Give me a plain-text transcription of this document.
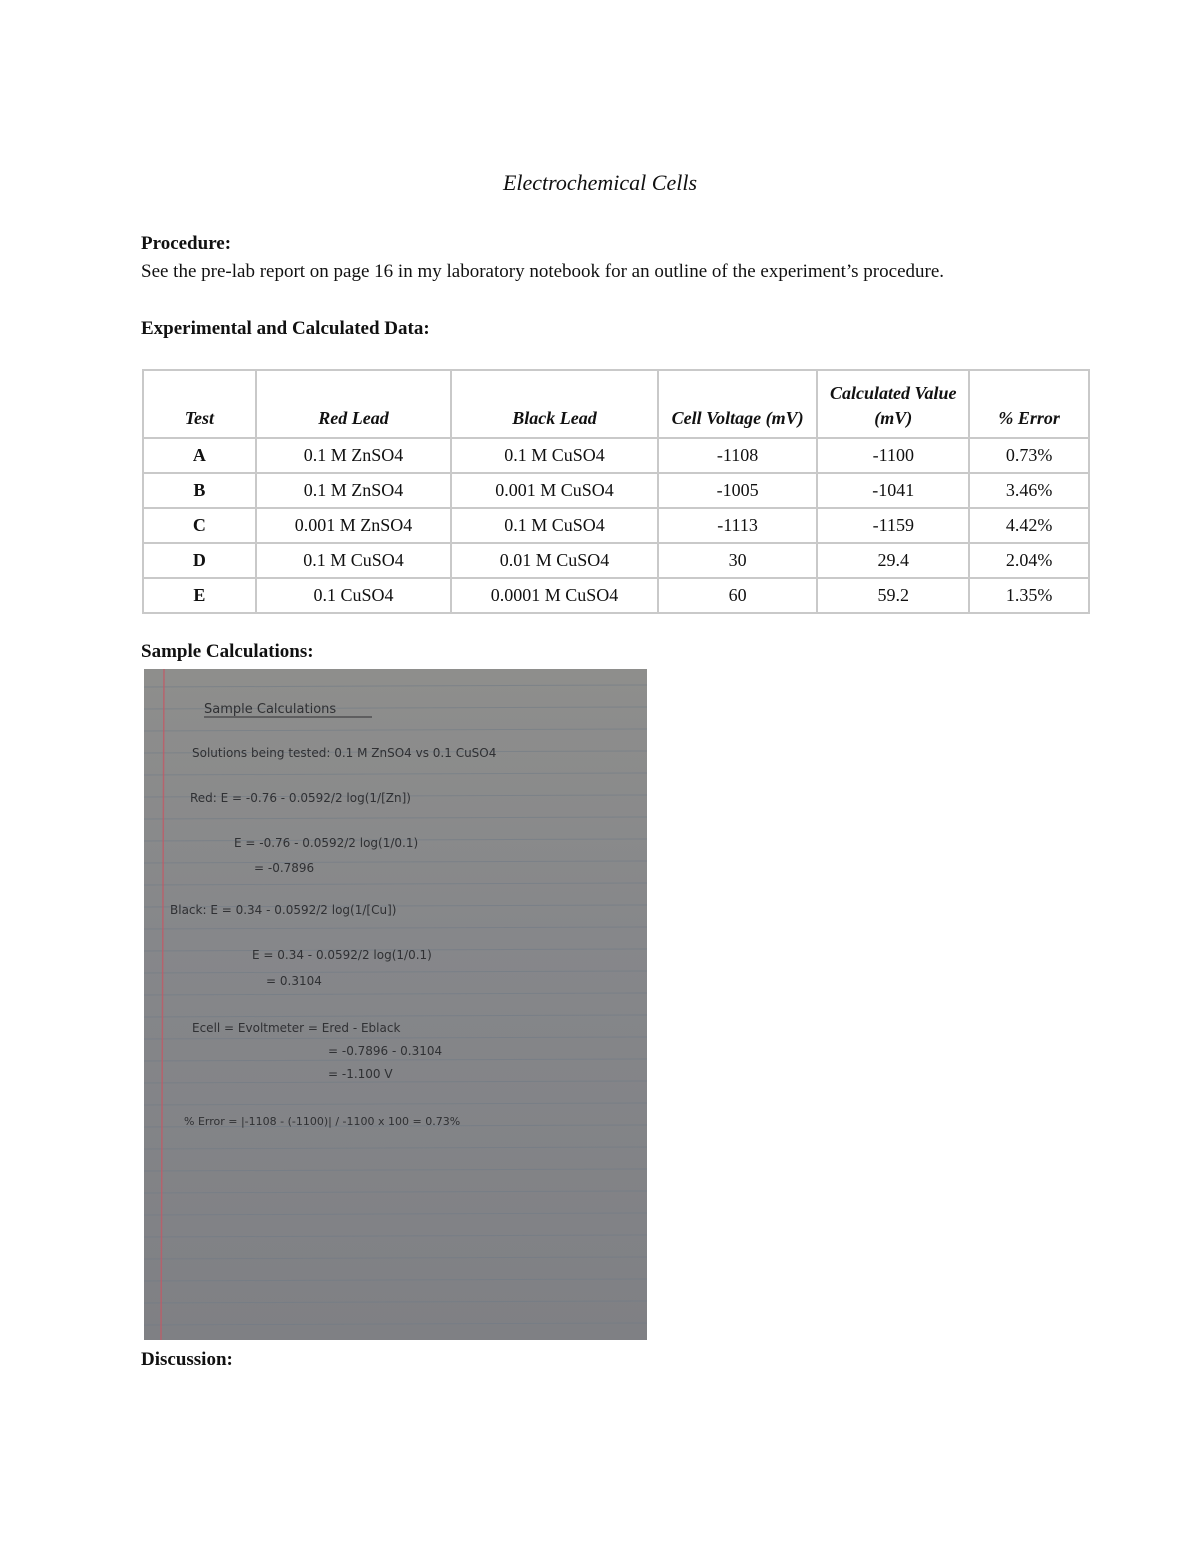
Electrochemical Cells
Procedure:
See the pre-lab report on page 16 in my laboratory notebook for an outline of the experiment’s procedure.
Experimental and Calculated Data:
Test	Red Lead	Black Lead	Cell Voltage (mV)	Calculated Value (mV)	% Error
A	0.1 M ZnSO4	0.1 M CuSO4	-1108	-1100	0.73%
B	0.1 M ZnSO4	0.001 M CuSO4	-1005	-1041	3.46%
C	0.001 M ZnSO4	0.1 M CuSO4	-1113	-1159	4.42%
D	0.1 M CuSO4	0.01 M CuSO4	30	29.4	2.04%
E	0.1 CuSO4	0.0001 M CuSO4	60	59.2	1.35%
Sample Calculations:
Sample Calculations
Solutions being tested: 0.1 M ZnSO4 vs 0.1 CuSO4
Red: E = -0.76 - 0.0592/2 log(1/[Zn])
E = -0.76 - 0.0592/2 log(1/0.1)
= -0.7896
Black: E = 0.34 - 0.0592/2 log(1/[Cu])
E = 0.34 - 0.0592/2 log(1/0.1)
= 0.3104
Ecell = Evoltmeter = Ered - Eblack
= -0.7896 - 0.3104
= -1.100 V
% Error = |-1108 - (-1100)| / -1100 x 100 = 0.73%
Discussion:
